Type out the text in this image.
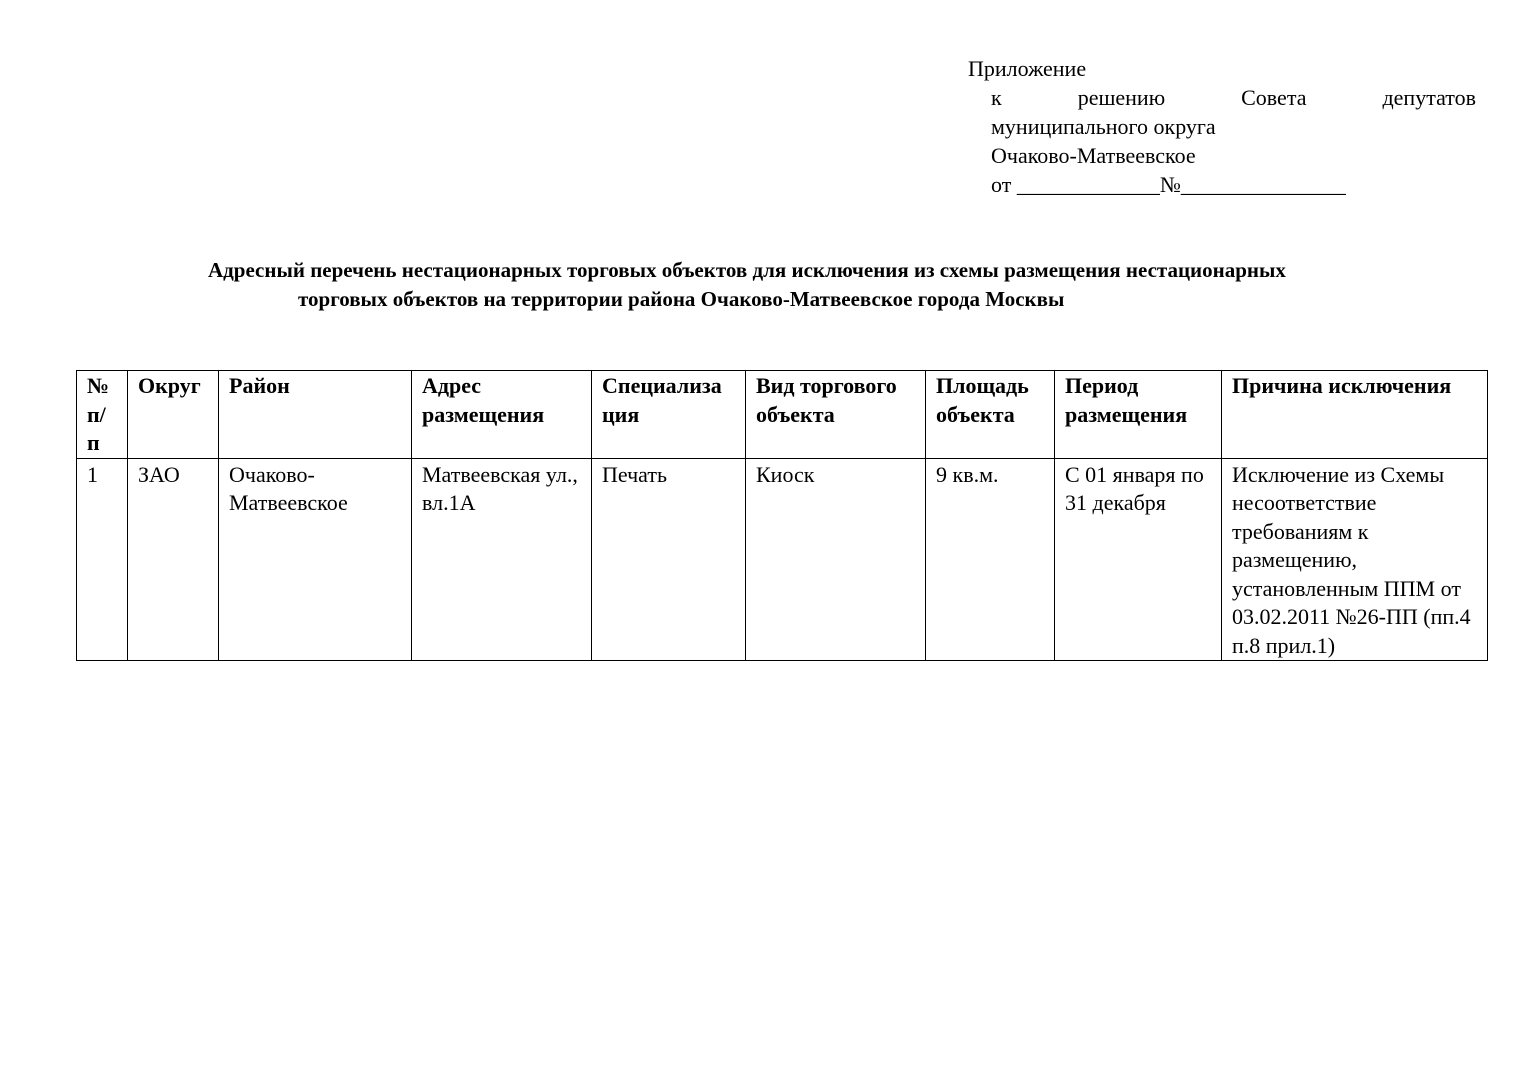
Приложение
к	решению	Совета	депутатов
муниципального округа
Очаково-Матвеевское
от _____________№_______________
Адресный перечень нестационарных торговых объектов для исключения из схемы размещения нестационарных
торговых объектов на территории района Очаково-Матвеевское города Москвы
№ п/ п	Округ	Район	Адрес размещения	Специализа ция	Вид торгового объекта	Площадь объекта	Период размещения	Причина исключения
1	ЗАО	Очаково-Матвеевское	Матвеевская ул., вл.1А	Печать	Киоск	9 кв.м.	С 01 января по 31 декабря	Исключение из Схемы несоответствие требованиям к размещению, установленным ППМ от 03.02.2011 №26-ПП (пп.4 п.8 прил.1)
